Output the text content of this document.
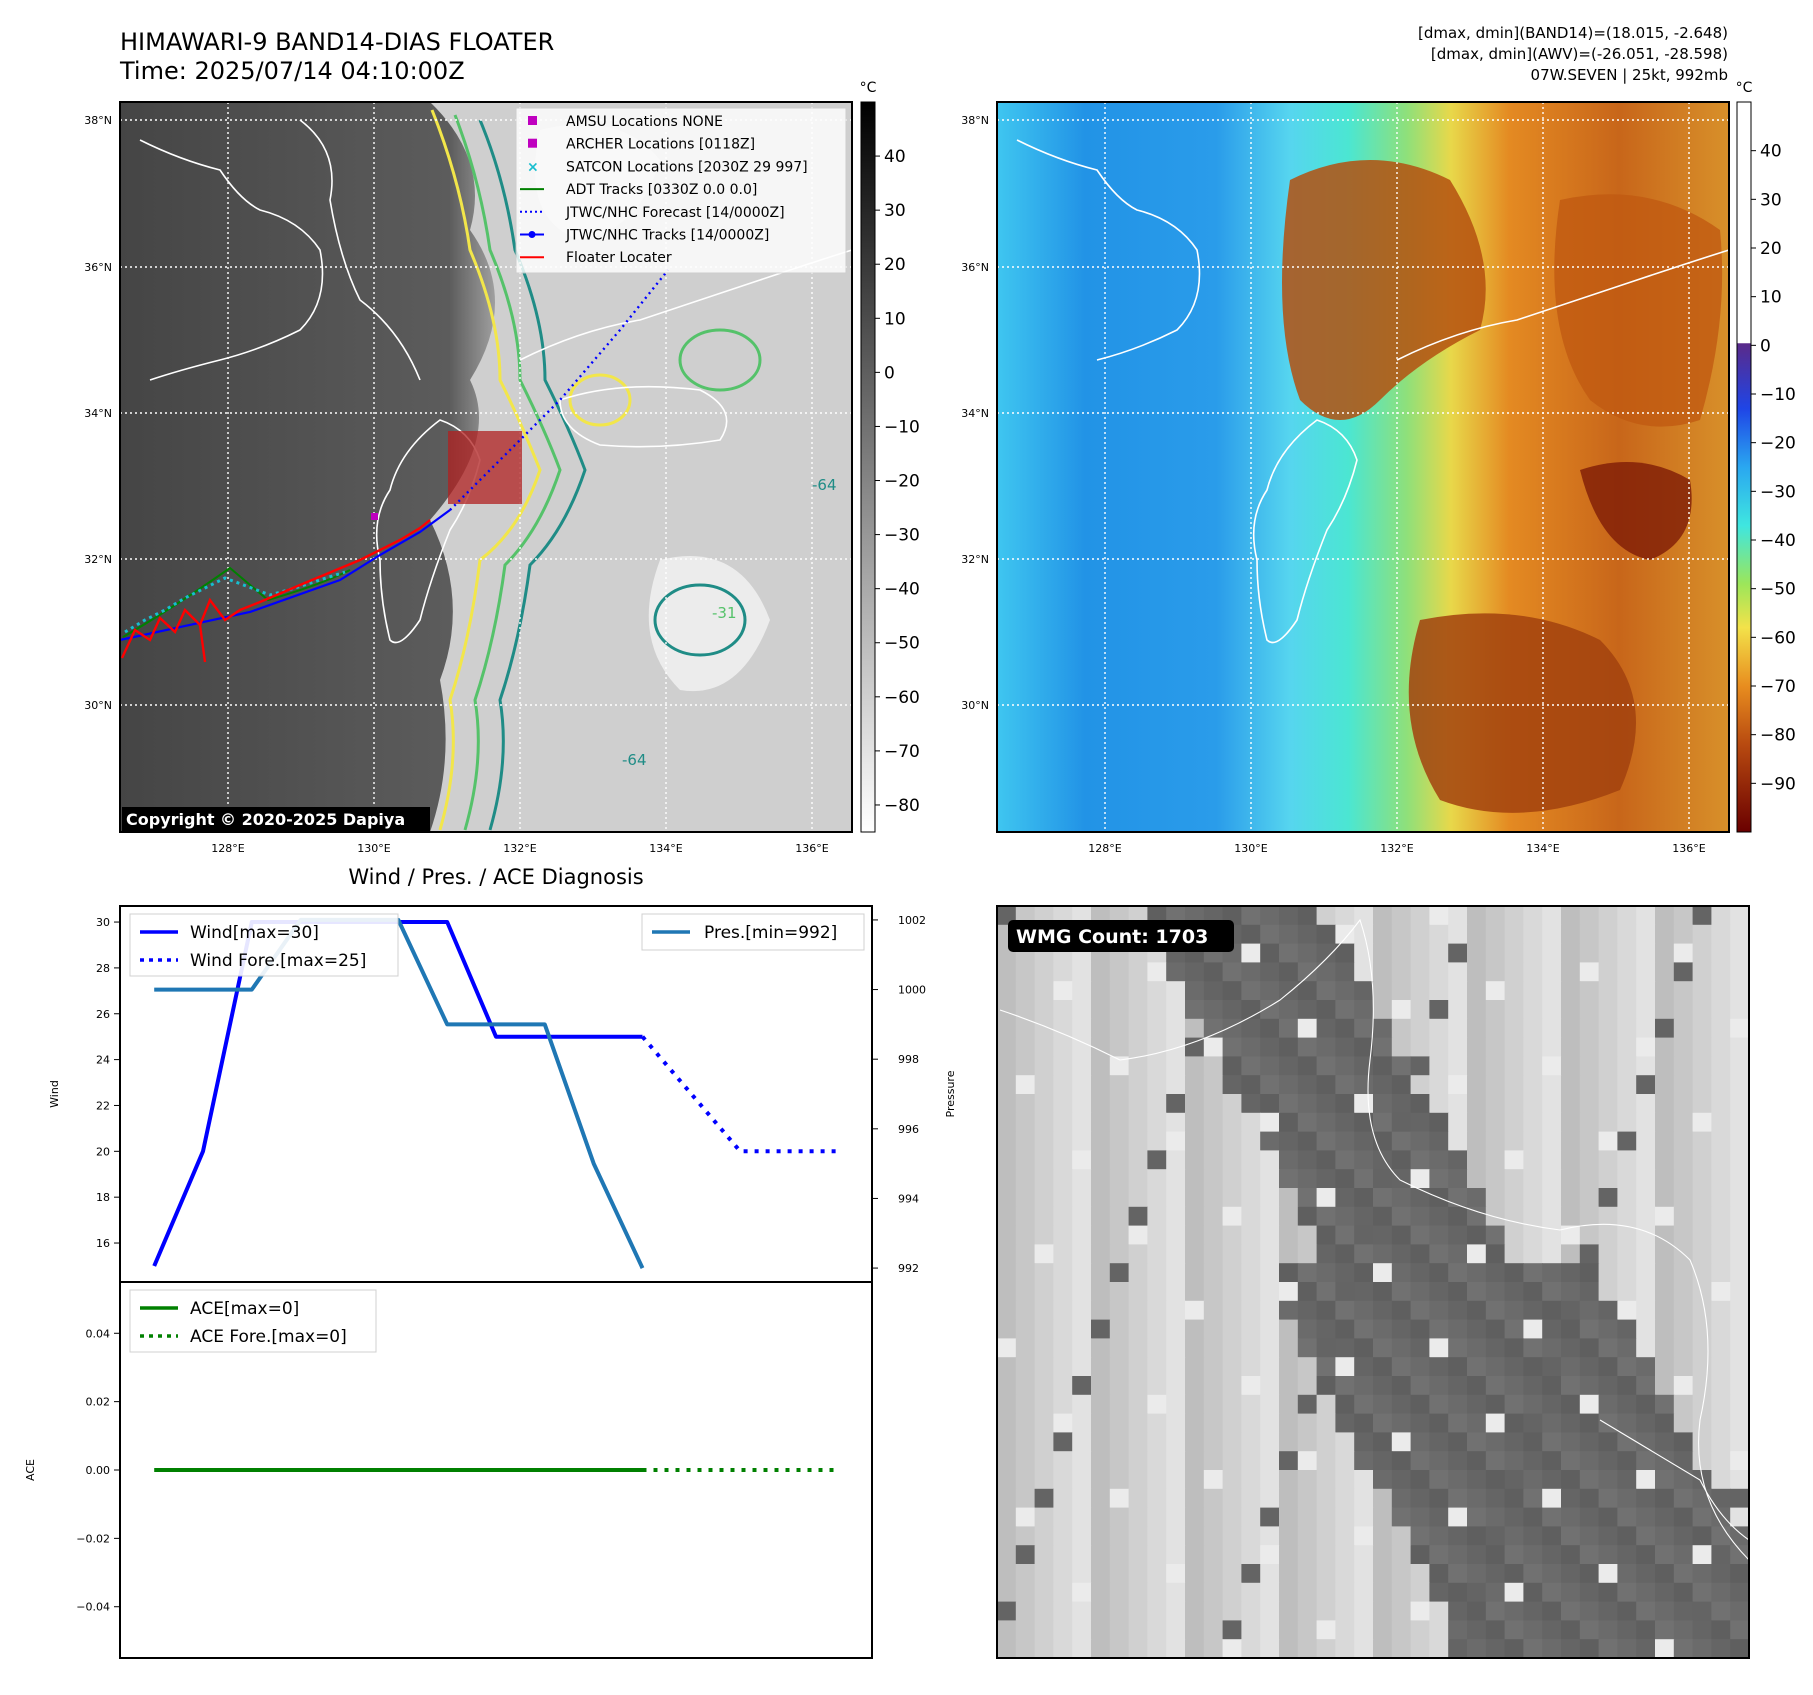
HIMAWARI-9 BAND14-DIAS FLOATER
Time: 2025/07/14 04:10:00Z
[dmax, dmin](BAND14)=(18.015, -2.648)
[dmax, dmin](AWV)=(-26.051, -28.598)
07W.SEVEN | 25kt, 992mb
-64
-31
-64
AMSU Locations NONE
ARCHER Locations [0118Z]
× SATCON Locations [2030Z 29 997]
ADT Tracks [0330Z 0.0 0.0]
JTWC/NHC Forecast [14/0000Z]
JTWC/NHC Tracks [14/0000Z]
Floater Locater
Copyright © 2020-2025 Dapiya
38°N
36°N
34°N
32°N
30°N
128°E	130°E	132°E	134°E	136°E
°C
40
30
20
10
0
−10
−20
−30
−40
−50
−60
−70
−80
38°N
36°N
34°N
32°N
30°N
128°E	130°E	132°E	134°E	136°E
°C
40
30
20
10
0
−10
−20
−30
−40
−50
−60
−70
−80
−90
Wind / Pres. / ACE Diagnosis
Wind	Pressure
30
28
26
24
22
20
18
16
1002
1000
998
996
994
992
Wind[max=30]
Wind Fore.[max=25]
Pres.[min=992]
ACE
0.04
0.02
0.00
−0.02
−0.04
ACE[max=0]
ACE Fore.[max=0]
WMG Count: 1703
